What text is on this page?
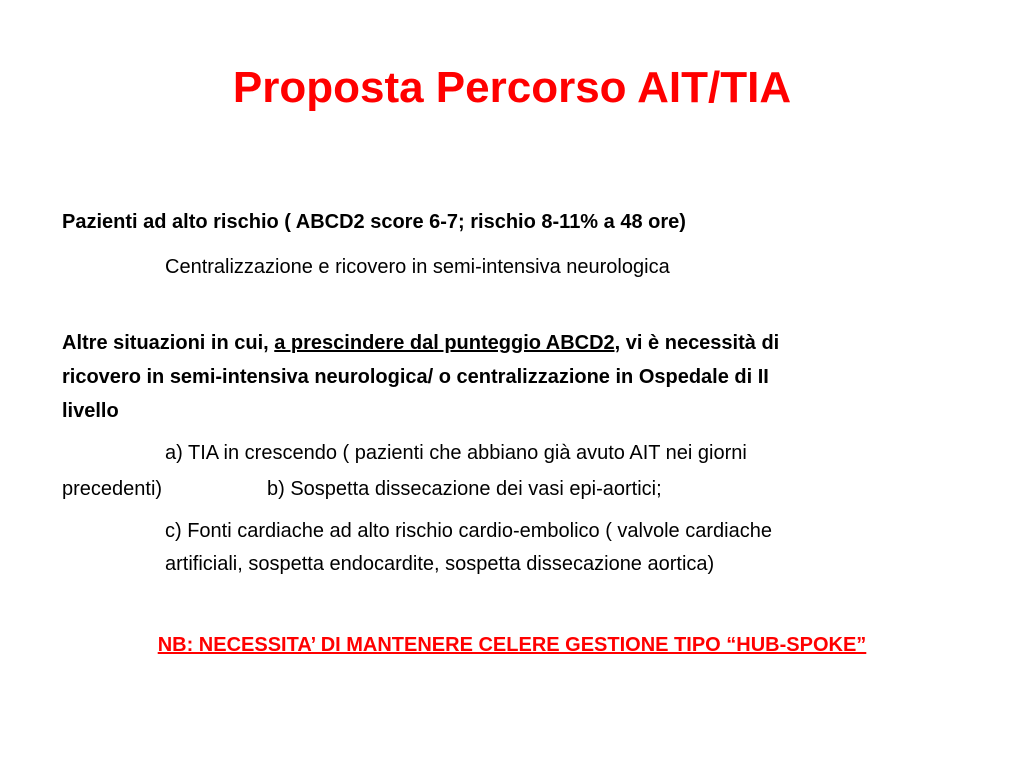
Proposta Percorso AIT/TIA
Pazienti ad alto rischio ( ABCD2 score 6-7; rischio 8-11% a 48 ore)
Centralizzazione e ricovero in semi-intensiva neurologica
Altre situazioni in cui, a prescindere dal punteggio ABCD2, vi è necessità di
ricovero in semi-intensiva neurologica/ o centralizzazione in Ospedale di II
livello
a) TIA in crescendo ( pazienti che abbiano già avuto AIT nei giorni
precedenti)	b) Sospetta dissecazione dei vasi epi-aortici;
c) Fonti cardiache ad alto rischio cardio-embolico ( valvole cardiache
artificiali, sospetta endocardite, sospetta dissecazione aortica)
NB: NECESSITA’ DI MANTENERE CELERE GESTIONE TIPO “HUB-SPOKE”
